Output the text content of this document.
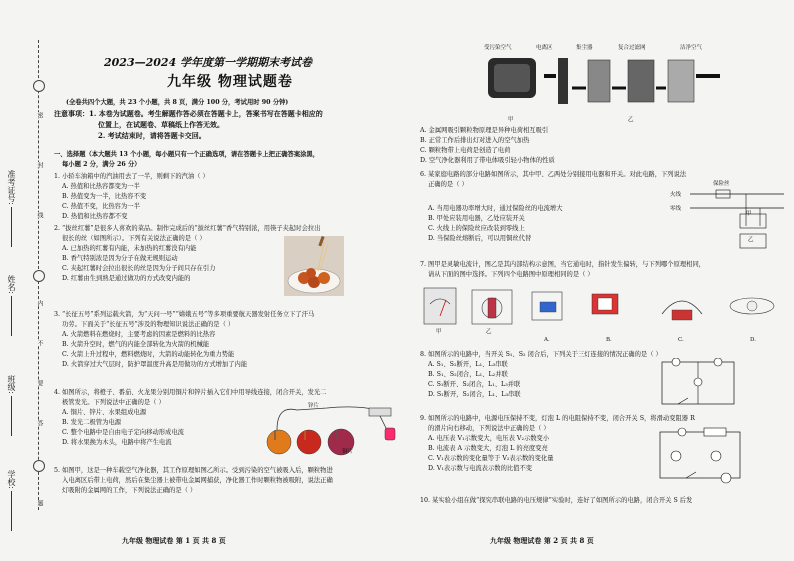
学校:
班级:
姓名:
准考证号:
密
封
线
内
不
要
答
题
2023—2024 学年度第一学期期末考试卷
九年级 物理试题卷
(全卷共四个大题，共 23 个小题，共 8 页，满分 100 分，考试用时 90 分钟)
注意事项：1. 本卷为试题卷。考生解题作答必须在答题卡上，答案书写在答题卡相应的
位置上，在试题卷、草稿纸上作答无效。
2. 考试结束时，请将答题卡交回。
一、选择题（本大题共 13 个小题，每小题只有一个正确选项，请在答题卡上把正确答案涂黑，
每小题 2 分，满分 26 分）
1. 小轿车油箱中的汽油用去了一半，则剩下的汽油（ ）
A. 热值和比热容都变为一半
B. 热值变为一半，比热容不变
C. 热值不变，比热容为一半
D. 热值和比热容都不变
2. “拔丝红薯”是很多人喜欢的菜品。制作完成后的“拔丝红薯”香气特别浓，用筷子夹起时会拉出
很长的丝（如图所示）。下列有关说法正确的是（ ）
A. 已加热的红薯有内能，未加热的红薯没有内能
B. 香气特别浓是因为分子在做无规则运动
C. 夹起红薯时会拉出很长的丝是因为分子间只存在引力
D. 红薯由生到熟是通过做功的方式改变内能的
3. “长征五号”系列运载火箭，为“天问一号”“嫦娥五号”等多项重要航天器发射任务立下了汗马
功劳。下面关于“长征五号”涉及的物理知识说法正确的是（ ）
A. 火箭燃料在燃烧时，主要考虑的因素是燃料的比热容
B. 火箭升空时，燃气的内能全部转化为火箭的机械能
C. 火箭上升过程中，燃料燃烧时，大箭的动能转化为重力势能
D. 火箭穿过大气层时，防护罩温度升高是用做功的方式增加了内能
4. 如图所示，将橙子、番茄、火龙果分别用铜片和锌片插入它们中用导线连接，闭合开关，发光二
极管发光。下列说法中正确的是（ ）
A. 铜片、锌片、水果组成电源
B. 发光二极管为电源
C. 整个电路中是自由电子定向移动形成电流
D. 将水果换为木头，电路中将产生电流
锌片
铜片
5. 如图甲，这是一种车载空气净化器，其工作原理如图乙所示。受到污染的空气被吸入后，颗粒物进
入电离区后带上电荷，然后在集尘器上被带电金属网捕获，净化器工作时颗粒物被吸附，说法正确
灯吸附的金属网的工作，下列说法正确的是（ ）
九年级 物理试卷 第 1 页 共 8 页
受污染空气	电离区	集尘器	复合过滤网	洁净空气
甲	乙
A. 金属网吸引颗粒物原理是异种电荷相互吸引
B. 正常工作后排出灯对进入的空气加热
C. 颗粒物带上电荷是创造了电荷
D. 空气净化器利用了带电体吸引轻小物体的性质
6. 某家庭电路的部分电路如图所示，其中甲、乙两处分别接用电器和开关。对此电路，下列说法
正确的是（ ）
A. 当用电器功率增大时，通过保险丝的电流增大
B. 甲处应装用电器，乙处应装开关
C. 火线上的保险丝应改装到零线上
D. 当保险丝熔断后，可以用铜丝代替
火线
零线
保险丝
甲
乙
7. 图甲是灵敏电流计，图乙是其内部结构示意图，当它通电时，指针发生偏转，与下列哪个原理相同，
请从下面的图中选择。下列四个电路图中原理相同的是（ ）
甲	乙
A.	B.	C.	D.
8. 如图所示的电路中，当开关 S₁、S₂ 闭合后，下列关于三灯连接的情况正确的是（ ）
A. S₁、S₂断开，L₁、L₃串联
B. S₁、S₂闭合，L₁、L₂并联
C. S₁断开、S₂闭合，L₁、L₃并联
D. S₁断开，S₂闭合，L₁、L₃串联
9. 如图所示的电路中，电源电压保持不变，灯泡 L 的电阻保持不变，闭合开关 S，将滑动变阻器 R
的滑片向右移动，下列说法中正确的是（ ）
A. 电压表 V₁示数变大，电压表 V₂示数变小
B. 电流表 A 示数变大，灯泡 L 的亮度变亮
C. V₁表示数的变化量等于 V₂表示数的变化量
D. V₁表示数与电流表示数的比值不变
10. 某实验小组在做“探究串联电路的电压规律”实验时，连好了如图所示的电路，闭合开关 S 后发
九年级 物理试卷 第 2 页 共 8 页
